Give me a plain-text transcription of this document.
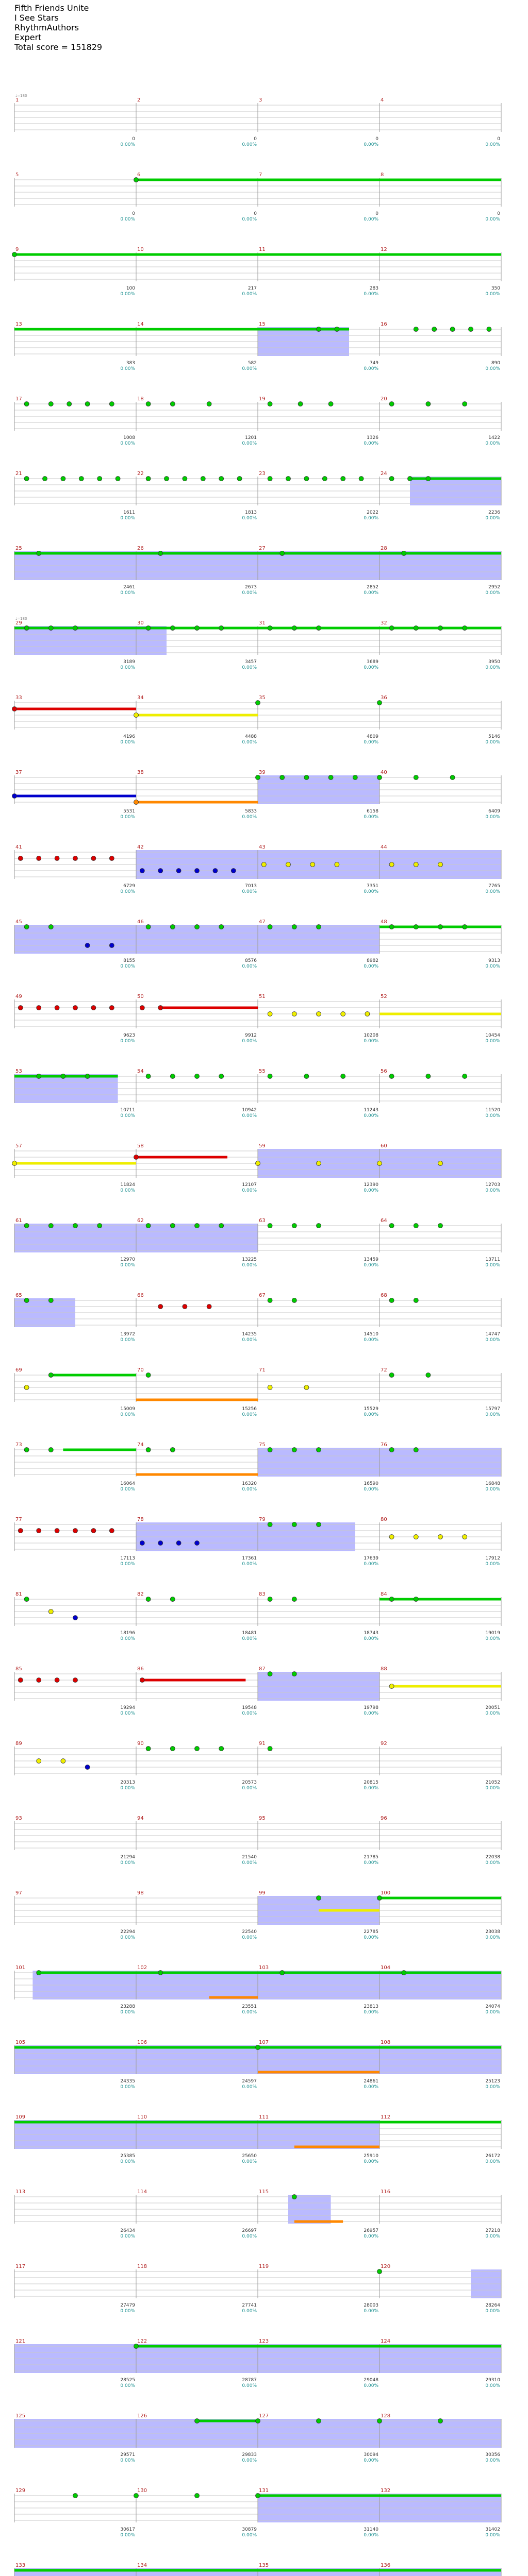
Fifth Friends Unite
I See Stars
RhythmAuthors
Expert
Total score = 151829
1
0
0.00%
2
0
0.00%
3
0
0.00%
4
0
0.00%
♩=180
5
0
0.00%
6
0
0.00%
7
0
0.00%
8
0
0.00%
9
100
0.00%
10
217
0.00%
11
283
0.00%
12
350
0.00%
13
383
0.00%
14
582
0.00%
15
749
0.00%
16
890
0.00%
17
1008
0.00%
18
1201
0.00%
19
1326
0.00%
20
1422
0.00%
21
1611
0.00%
22
1813
0.00%
23
2022
0.00%
24
2236
0.00%
25
2461
0.00%
26
2673
0.00%
27
2852
0.00%
28
2952
0.00%
29
3189
0.00%
30
3457
0.00%
31
3689
0.00%
32
3950
0.00%
♩=180
33
4196
0.00%
34
4488
0.00%
35
4809
0.00%
36
5146
0.00%
37
5531
0.00%
38
5833
0.00%
39
6158
0.00%
40
6409
0.00%
41
6729
0.00%
42
7013
0.00%
43
7351
0.00%
44
7765
0.00%
45
8155
0.00%
46
8576
0.00%
47
8982
0.00%
48
9313
0.00%
49
9623
0.00%
50
9912
0.00%
51
10208
0.00%
52
10454
0.00%
53
10711
0.00%
54
10942
0.00%
55
11243
0.00%
56
11520
0.00%
57
11824
0.00%
58
12107
0.00%
59
12390
0.00%
60
12703
0.00%
61
12970
0.00%
62
13225
0.00%
63
13459
0.00%
64
13711
0.00%
65
13972
0.00%
66
14235
0.00%
67
14510
0.00%
68
14747
0.00%
69
15009
0.00%
70
15256
0.00%
71
15529
0.00%
72
15797
0.00%
73
16064
0.00%
74
16320
0.00%
75
16590
0.00%
76
16848
0.00%
77
17113
0.00%
78
17361
0.00%
79
17639
0.00%
80
17912
0.00%
81
18196
0.00%
82
18481
0.00%
83
18743
0.00%
84
19019
0.00%
85
19294
0.00%
86
19548
0.00%
87
19798
0.00%
88
20051
0.00%
89
20313
0.00%
90
20573
0.00%
91
20815
0.00%
92
21052
0.00%
93
21294
0.00%
94
21540
0.00%
95
21785
0.00%
96
22038
0.00%
97
22294
0.00%
98
22540
0.00%
99
22785
0.00%
100
23038
0.00%
101
23288
0.00%
102
23551
0.00%
103
23813
0.00%
104
24074
0.00%
105
24335
0.00%
106
24597
0.00%
107
24861
0.00%
108
25123
0.00%
109
25385
0.00%
110
25650
0.00%
111
25910
0.00%
112
26172
0.00%
113
26434
0.00%
114
26697
0.00%
115
26957
0.00%
116
27218
0.00%
117
27479
0.00%
118
27741
0.00%
119
28003
0.00%
120
28264
0.00%
121
28525
0.00%
122
28787
0.00%
123
29048
0.00%
124
29310
0.00%
125
29571
0.00%
126
29833
0.00%
127
30094
0.00%
128
30356
0.00%
129
30617
0.00%
130
30879
0.00%
131
31140
0.00%
132
31402
0.00%
133	134	135	136
